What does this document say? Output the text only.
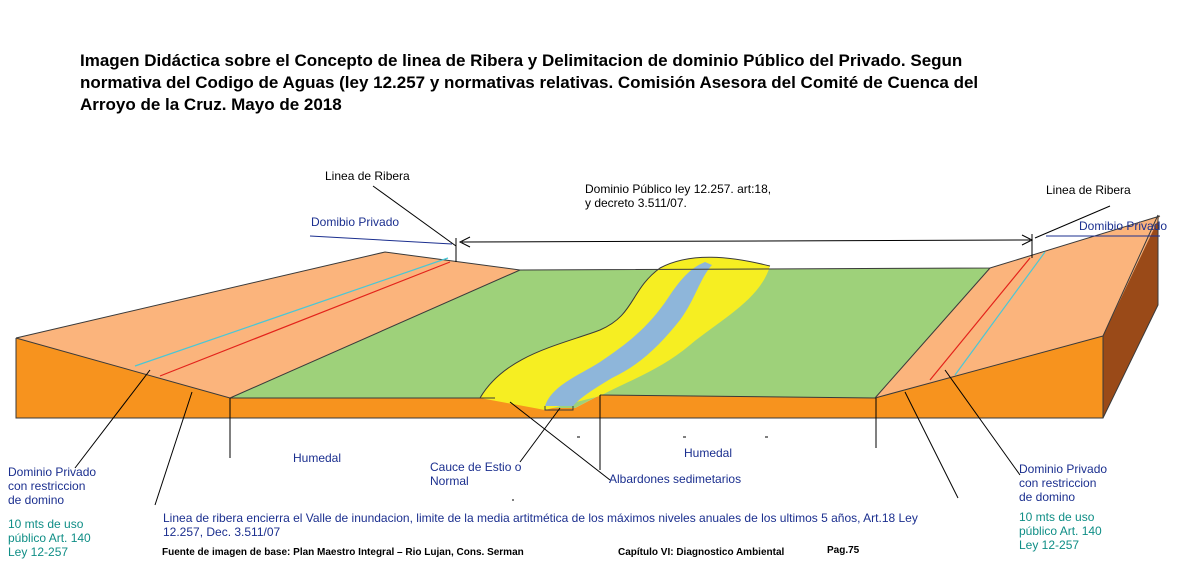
Imagen Didáctica sobre el Concepto de linea de Ribera y Delimitacion de dominio Público del Privado. Segun
normativa del Codigo de Aguas (ley 12.257 y normativas relativas. Comisión Asesora del Comité de Cuenca del
Arroyo de la Cruz. Mayo de 2018
Linea de Ribera
Linea de Ribera
Dominio Público ley 12.257. art:18,
y decreto 3.511/07.
Domibio Privado	Domibio Privado
Humedal	Humedal
Cauce de Estio o
Normal	Albardones sedimetarios
Dominio Privado
con restriccion
de domino
10 mts de uso
público Art. 140
Ley 12-257
Dominio Privado
con restriccion
de domino
10 mts de uso
público Art. 140
Ley 12-257
Linea de ribera encierra el Valle de inundacion, limite de la media artitmética de los máximos niveles anuales de los ultimos 5 años, Art.18 Ley
12.257, Dec. 3.511/07
Fuente de imagen de base: Plan Maestro Integral – Rio Lujan, Cons. Serman	Capítulo VI: Diagnostico Ambiental	Pag.75
